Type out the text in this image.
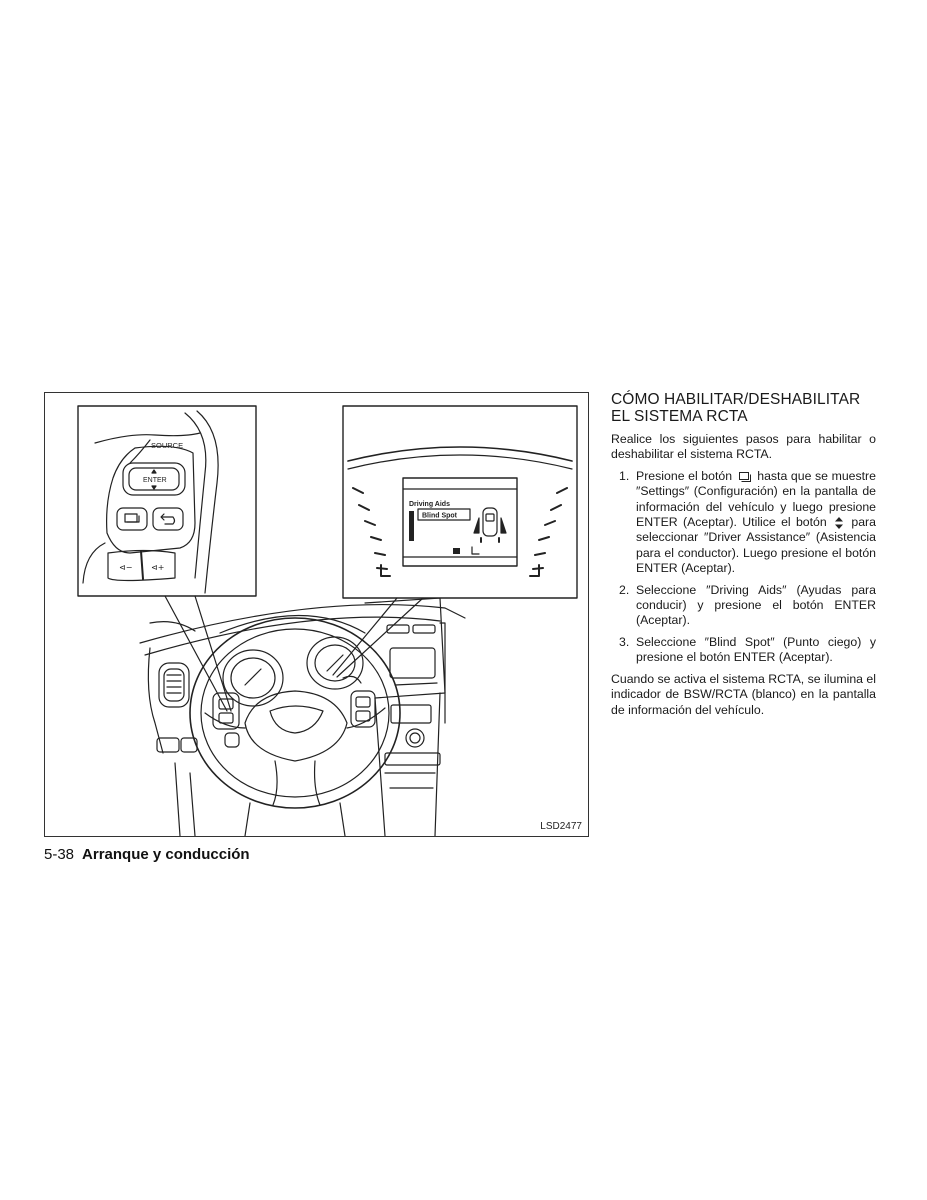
SOURCE
ENTER
⊲− ⊲+
Driving Aids
Blind Spot
LSD2477
5-38 Arranque y conducción
CÓMO HABILITAR/DESHABILITAR
EL SISTEMA RCTA

Realice los siguientes pasos para habilitar o deshabilitar el sistema RCTA.

1. Presione el botón hasta que se muestre ″Settings″ (Configuración) en la pantalla de información del vehículo y luego presione ENTER (Aceptar). Utilice el botón para seleccionar ″Driver Assistance″ (Asistencia para el conductor). Luego presione el botón ENTER (Aceptar).
2. Seleccione ″Driving Aids″ (Ayudas para conducir) y presione el botón ENTER (Aceptar).
3. Seleccione ″Blind Spot″ (Punto ciego) y presione el botón ENTER (Aceptar).

Cuando se activa el sistema RCTA, se ilumina el indicador de BSW/RCTA (blanco) en la pantalla de información del vehículo.
